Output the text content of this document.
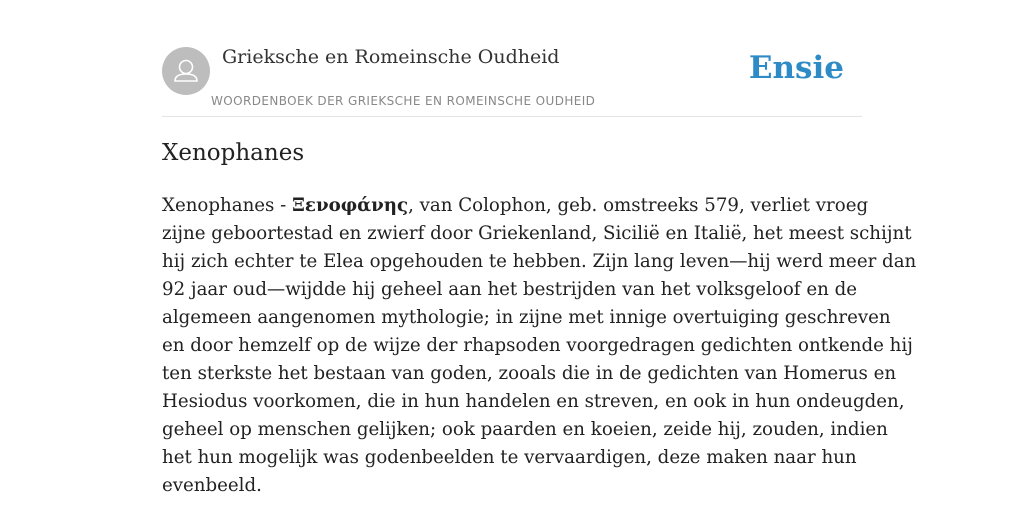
Grieksche en Romeinsche Oudheid
WOORDENBOEK DER GRIEKSCHE EN ROMEINSCHE OUDHEID
Ensie
Xenophanes

Xenophanes - Ξενοφάνης, van Colophon, geb. omstreeks 579, verliet vroeg
zijne geboortestad en zwierf door Griekenland, Sicilië en Italië, het meest schijnt
hij zich echter te Elea opgehouden te hebben. Zijn lang leven—hij werd meer dan
92 jaar oud—wijdde hij geheel aan het bestrijden van het volksgeloof en de
algemeen aangenomen mythologie; in zijne met innige overtuiging geschreven
en door hemzelf op de wijze der rhapsoden voorgedragen gedichten ontkende hij
ten sterkste het bestaan van goden, zooals die in de gedichten van Homerus en
Hesiodus voorkomen, die in hun handelen en streven, en ook in hun ondeugden,
geheel op menschen gelijken; ook paarden en koeien, zeide hij, zouden, indien
het hun mogelijk was godenbeelden te vervaardigen, deze maken naar hun
evenbeeld.
